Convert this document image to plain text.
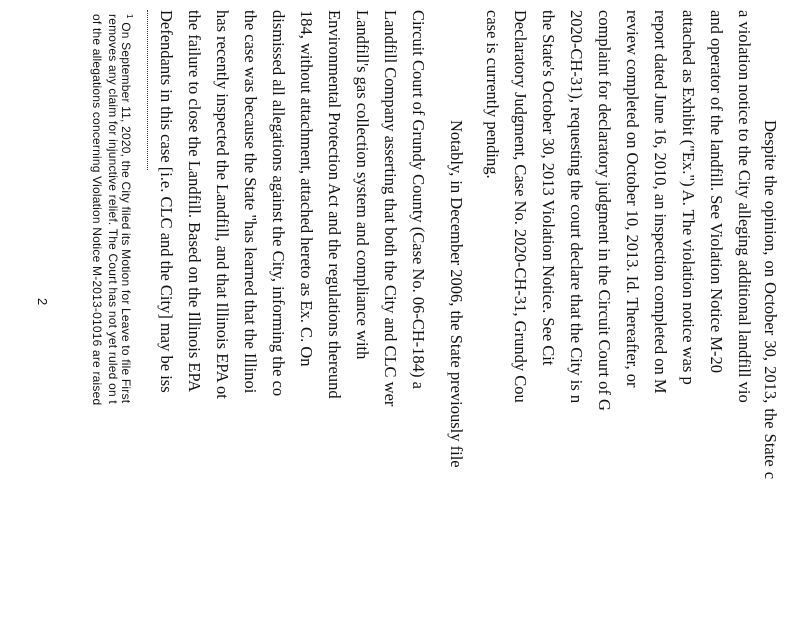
Despite the opinion, on October 30, 2013, the State c
a violation notice to the City alleging additional landfill vio
and operator of the landfill. See Violation Notice M-20
attached as Exhibit ("Ex.") A. The violation notice was p
report dated June 16, 2010, an inspection completed on M
review completed on October 10, 2013. Id. Thereafter, or
complaint for declaratory judgment in the Circuit Court of G
2020-CH-31), requesting the court declare that the City is n
the State's October 30, 2013 Violation Notice. See Cit
Declaratory Judgment, Case No. 2020-CH-31, Grundy Cou
case is currently pending.
Notably, in December 2006, the State previously file
Circuit Court of Grundy County (Case No. 06-CH-184) a
Landfill Company asserting that both the City and CLC wer
Landfill's gas collection system and compliance with
Environmental Protection Act and the regulations thereund
184, without attachment, attached hereto as Ex. C. On
dismissed all allegations against the City, informing the co
the case was because the State "has learned that the Illinoi
has recently inspected the Landfill, and that Illinois EPA ot
the failure to close the Landfill. Based on the Illinois EPA
Defendants in this case [i.e. CLC and the City] may be iss
$^1$ On September 11, 2020, the City filed its Motion for Leave to file First
removes any claim for injunctive relief. The Court has not yet ruled on t
of the allegations concerning Violation Notice M-2013-01016 are raised
2
